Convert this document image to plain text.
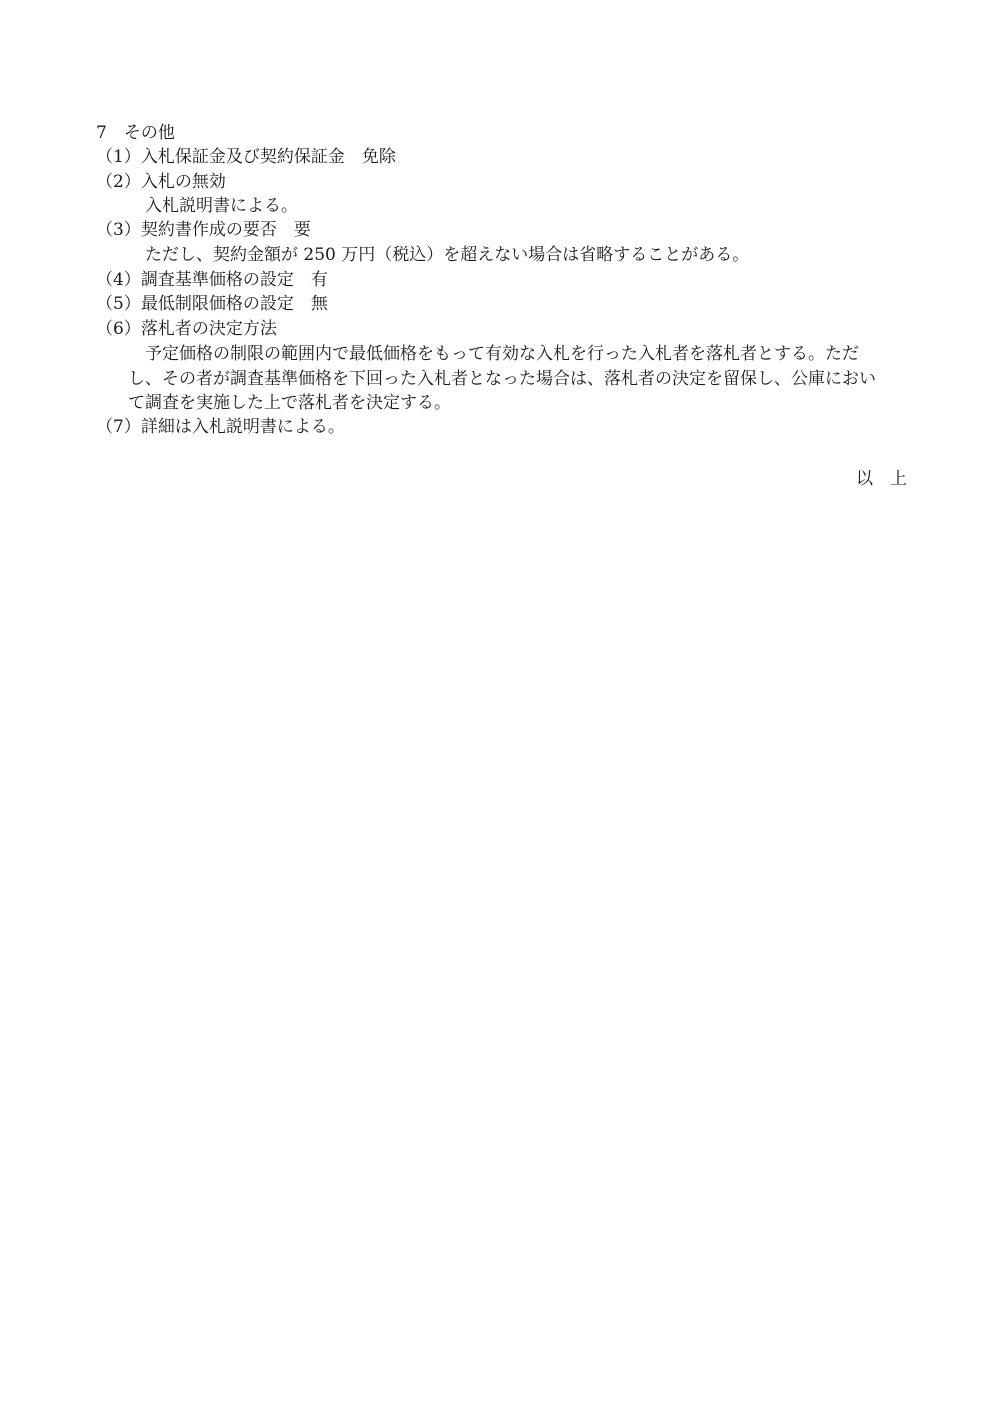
7　その他
（1）入札保証金及び契約保証金　免除
（2）入札の無効
入札説明書による。
（3）契約書作成の要否　要
ただし、契約金額が 250 万円（税込）を超えない場合は省略することがある。
（4）調査基準価格の設定　有
（5）最低制限価格の設定　無
（6）落札者の決定方法
予定価格の制限の範囲内で最低価格をもって有効な入札を行った入札者を落札者とする。ただ
し、その者が調査基準価格を下回った入札者となった場合は、落札者の決定を留保し、公庫におい
て調査を実施した上で落札者を決定する。
（7）詳細は入札説明書による。
以　上
